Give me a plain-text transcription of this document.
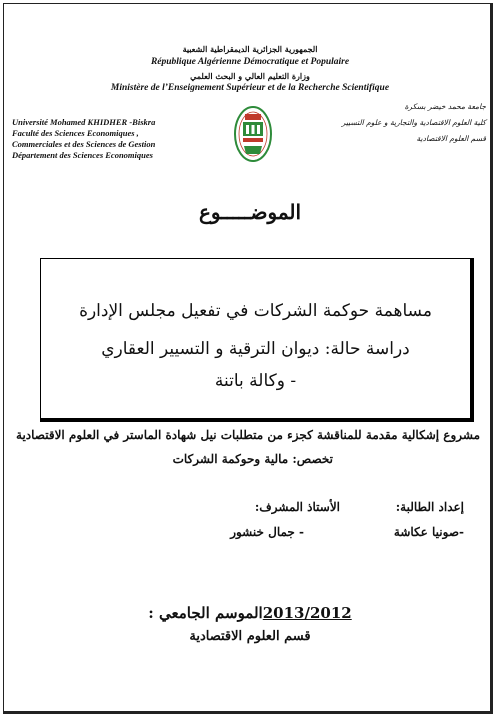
الجمهورية الجزائرية الديمقراطية الشعبية
République Algérienne Démocratique et Populaire
وزارة التعليم العالي و البحث العلمي
Ministère de l’Enseignement Supérieur et de la Recherche Scientifique
Université Mohamed KHIDHER -Biskra
Faculté des Sciences Economiques ,
Commerciales et des Sciences de Gestion
Département des Sciences Economiques
جامعة محمد خيضر بسكرة
كلية العلوم الاقتصادية والتجارية و علوم التسيير
قسم العلوم الاقتصادية
الموضـــــوع
مساهمة حوكمة الشركات في تفعيل مجلس الإدارة
دراسة حالة: ديوان الترقية و التسيير العقاري
- وكالة باتنة
مشروع إشكالية مقدمة للمناقشة كجزء من متطلبات نيل شهادة الماستر في العلوم الاقتصادية
تخصص: مالية وحوكمة الشركات
إعداد الطالبة:
الأستاذ المشرف:
-صونيا عكاشة
- جمال خنشور
الموسم الجامعي :2013/2012
قسم العلوم الاقتصادية
